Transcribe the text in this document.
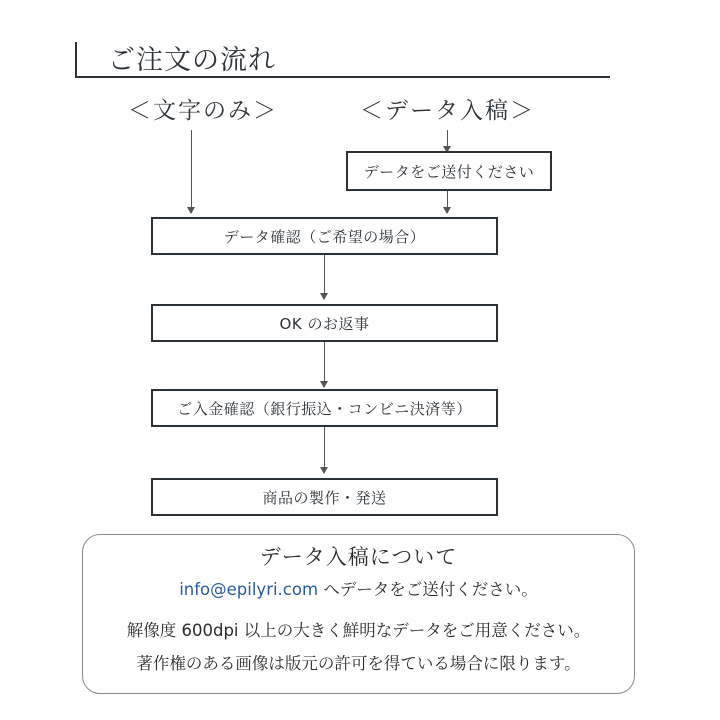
ご注文の流れ
＜文字のみ＞	＜データ入稿＞
データをご送付ください
データ確認（ご希望の場合）
OK のお返事
ご入金確認（銀行振込・コンビニ決済等）
商品の製作・発送
データ入稿について
info@epilyri.com へデータをご送付ください。
解像度 600dpi 以上の大きく鮮明なデータをご用意ください。
著作権のある画像は版元の許可を得ている場合に限ります。
